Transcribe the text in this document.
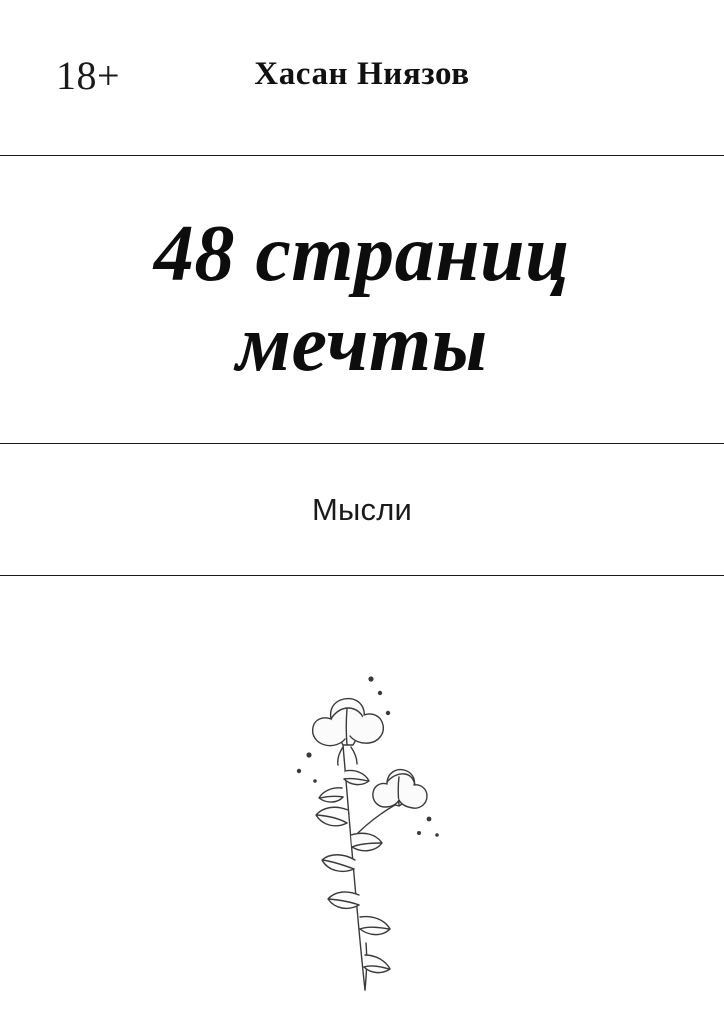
18+	Хасан Ниязов
48 страниц мечты
Мысли
